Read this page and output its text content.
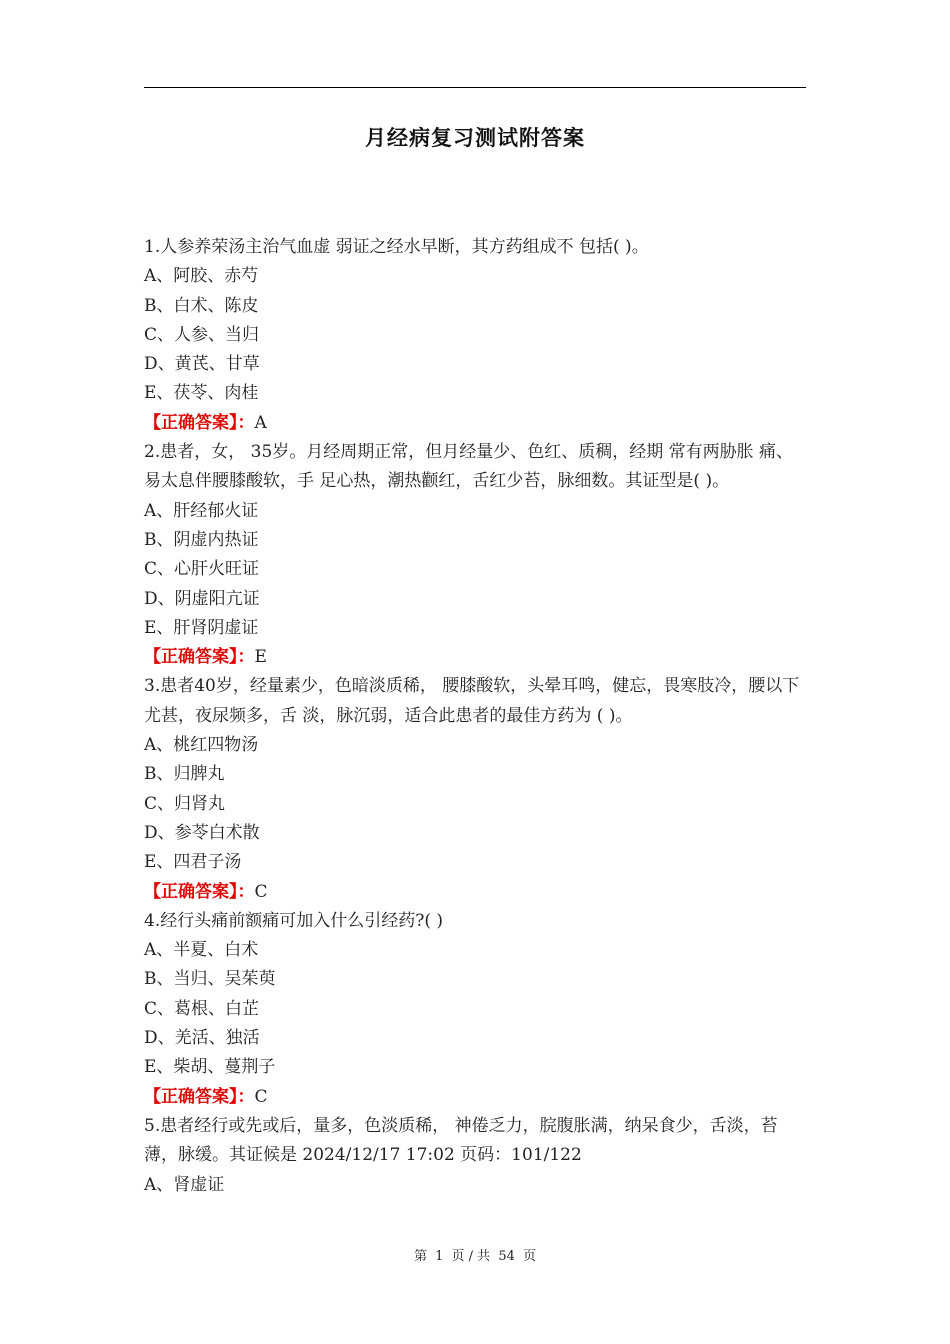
月经病复习测试附答案
1.人参养荣汤主治气血虚 弱证之经水早断，其方药组成不 包括( )。
A、阿胶、赤芍
B、白术、陈皮
C、人参、当归
D、黄芪、甘草
E、茯苓、肉桂
【正确答案】：A
2.患者，女， 35岁。月经周期正常，但月经量少、色红、质稠，经期 常有两胁胀 痛、易太息伴腰膝酸软，手 足心热，潮热颧红，舌红少苔，脉细数。其证型是( )。
A、肝经郁火证
B、阴虚内热证
C、心肝火旺证
D、阴虚阳亢证
E、肝肾阴虚证
【正确答案】：E
3.患者40岁，经量素少，色暗淡质稀， 腰膝酸软，头晕耳鸣，健忘，畏寒肢冷，腰以下尤甚，夜尿频多，舌 淡，脉沉弱，适合此患者的最佳方药为 ( )。
A、桃红四物汤
B、归脾丸
C、归肾丸
D、参苓白术散
E、四君子汤
【正确答案】：C
4.经行头痛前额痛可加入什么引经药?( )
A、半夏、白术
B、当归、吴茱萸
C、葛根、白芷
D、羌活、独活
E、柴胡、蔓荆子
【正确答案】：C
5.患者经行或先或后，量多，色淡质稀， 神倦乏力，脘腹胀满，纳呆食少，舌淡，苔薄，脉缓。其证候是 2024/12/17 17:02 页码：101/122
A、肾虚证
第 1 页 / 共 54 页
